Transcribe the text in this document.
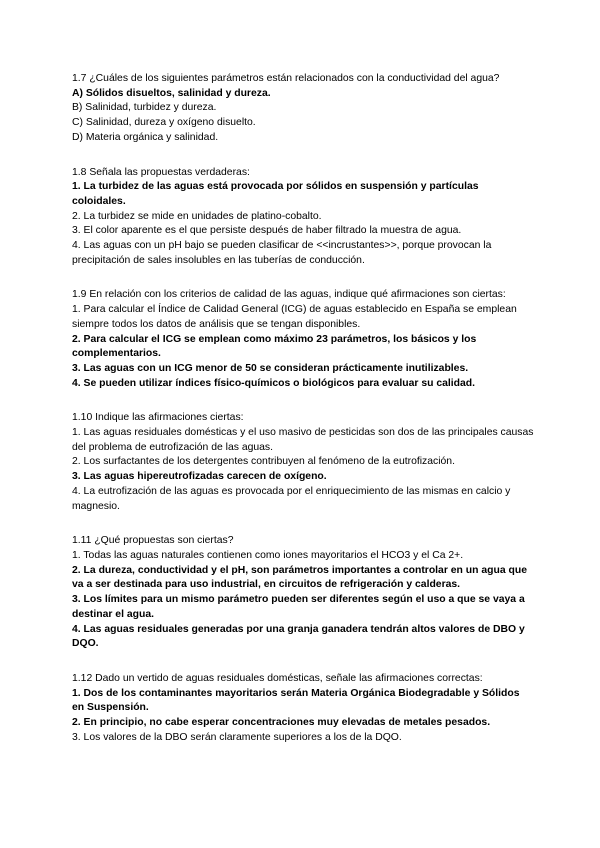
1.7 ¿Cuáles de los siguientes parámetros están relacionados con la conductividad del agua?
A) Sólidos disueltos, salinidad y dureza.
B) Salinidad, turbidez y dureza.
C) Salinidad, dureza y oxígeno disuelto.
D) Materia orgánica y salinidad.
1.8 Señala las propuestas verdaderas:
1. La turbidez de las aguas está provocada por sólidos en suspensión y partículas coloidales.
2. La turbidez se mide en unidades de platino-cobalto.
3. El color aparente es el que persiste después de haber filtrado la muestra de agua.
4. Las aguas con un pH bajo se pueden clasificar de <<incrustantes>>, porque provocan la precipitación de sales insolubles en las tuberías de conducción.
1.9 En relación con los criterios de calidad de las aguas, indique qué afirmaciones son ciertas:
1. Para calcular el Índice de Calidad General (ICG) de aguas establecido en España se emplean siempre todos los datos de análisis que se tengan disponibles.
2. Para calcular el ICG se emplean como máximo 23 parámetros, los básicos y los complementarios.
3. Las aguas con un ICG menor de 50 se consideran prácticamente inutilizables.
4. Se pueden utilizar índices físico-químicos o biológicos para evaluar su calidad.
1.10 Indique las afirmaciones ciertas:
1. Las aguas residuales domésticas y el uso masivo de pesticidas son dos de las principales causas del problema de eutrofización de las aguas.
2. Los surfactantes de los detergentes contribuyen al fenómeno de la eutrofización.
3. Las aguas hipereutrofizadas carecen de oxígeno.
4. La eutrofización de las aguas es provocada por el enriquecimiento de las mismas en calcio y magnesio.
1.11 ¿Qué propuestas son ciertas?
1. Todas las aguas naturales contienen como iones mayoritarios el HCO3 y el Ca 2+.
2. La dureza, conductividad y el pH, son parámetros importantes a controlar en un agua que va a ser destinada para uso industrial, en circuitos de refrigeración y calderas.
3. Los límites para un mismo parámetro pueden ser diferentes según el uso a que se vaya a destinar el agua.
4. Las aguas residuales generadas por una granja ganadera tendrán altos valores de DBO y DQO.
1.12 Dado un vertido de aguas residuales domésticas, señale las afirmaciones correctas:
1. Dos de los contaminantes mayoritarios serán Materia Orgánica Biodegradable y Sólidos en Suspensión.
2. En principio, no cabe esperar concentraciones muy elevadas de metales pesados.
3. Los valores de la DBO serán claramente superiores a los de la DQO.
